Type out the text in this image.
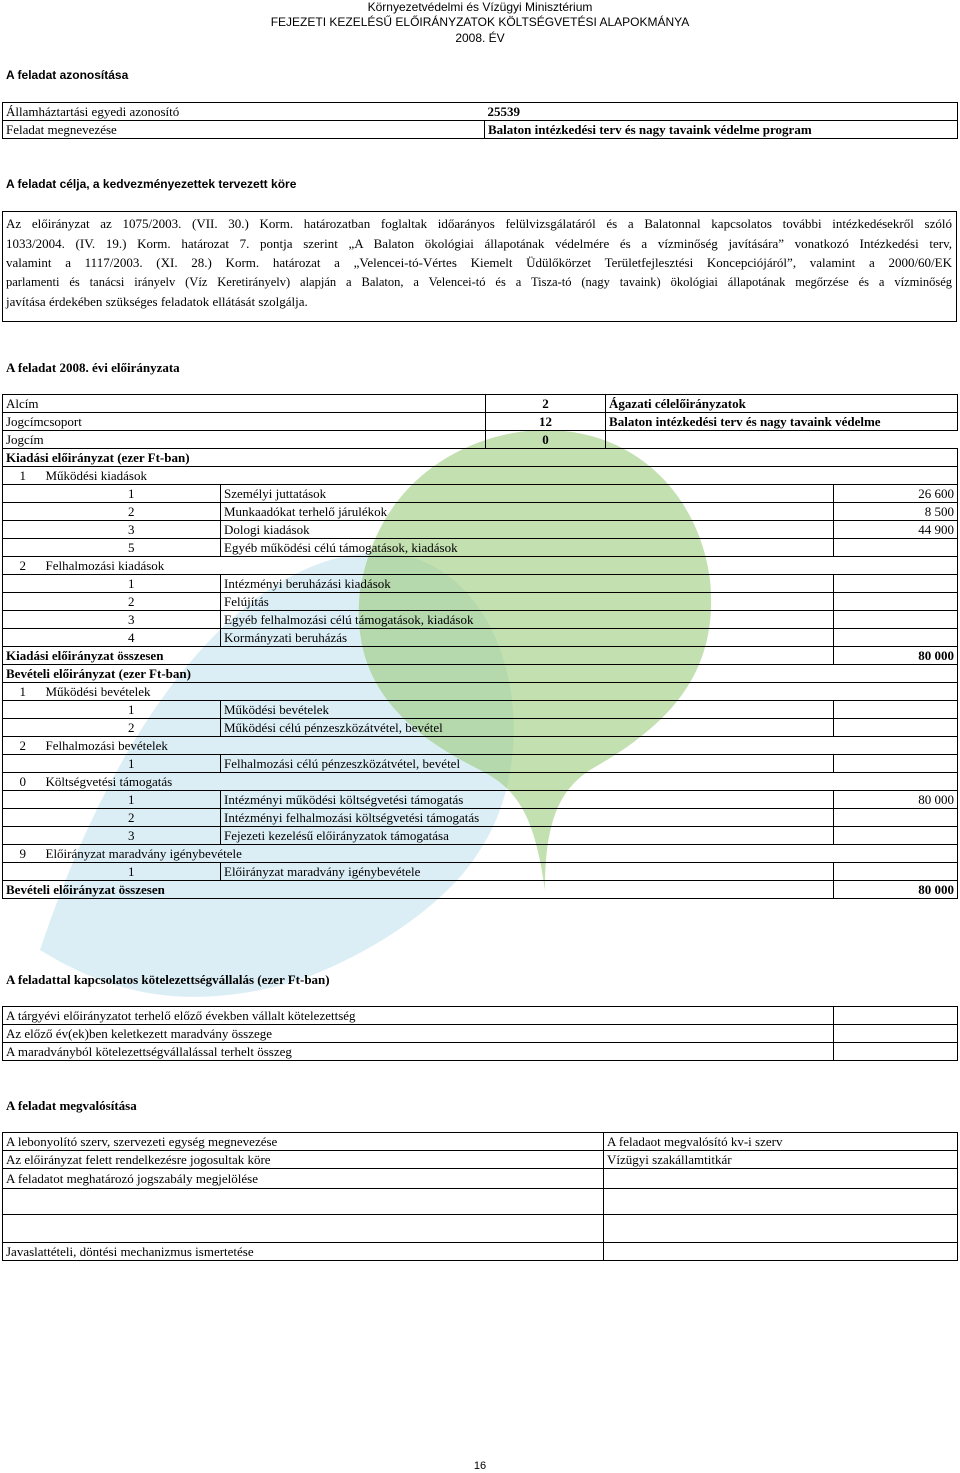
Környezetvédelmi és Vízügyi Minisztérium
FEJEZETI KEZELÉSŰ ELŐIRÁNYZATOK KÖLTSÉGVETÉSI ALAPOKMÁNYA
2008. ÉV
A feladat azonosítása
Államháztartási egyedi azonosító		25539
Feladat megnevezése		Balaton intézkedési terv és nagy tavaink védelme program
A feladat célja, a kedvezményezettek tervezett köre

Az előirányzat az 1075/2003. (VII. 30.) Korm. határozatban foglaltak időarányos felülvizsgálatáról és a Balatonnal kapcsolatos további intézkedésekről szóló

1033/2004. (IV. 19.) Korm. határozat 7. pontja szerint „A Balaton ökológiai állapotának védelmére és a vízminőség javítására” vonatkozó Intézkedési terv,

valamint a 1117/2003. (XI. 28.) Korm. határozat a „Velencei-tó-Vértes Kiemelt Üdülőkörzet Területfejlesztési Koncepciójáról”, valamint a 2000/60/EK

parlamenti és tanácsi irányelv (Víz Keretirányelv) alapján a Balaton, a Velencei-tó és a Tisza-tó (nagy tavaink) ökológiai állapotának megőrzése és a vízminőség

javítása érdekében szükséges feladatok ellátását szolgálja.

A feladat 2008. évi előirányzata
Alcím			2	Ágazati célelőirányzatok	
Jogcímcsoport			12	Balaton intézkedési terv és nagy tavaink védelme	
Jogcím			0		
Kiadási előirányzat (ezer Ft-ban)					
1	Működési kiadások				
	1	Személyi juttatások			26 600
	2	Munkaadókat terhelő járulékok			8 500
	3	Dologi kiadások			44 900
	5	Egyéb működési célú támogatások, kiadások			
2	Felhalmozási kiadások				
	1	Intézményi beruházási kiadások			
	2	Felújítás			
	3	Egyéb felhalmozási célú támogatások, kiadások			
	4	Kormányzati beruházás			
Kiadási előirányzat összesen					80 000
Bevételi előirányzat (ezer Ft-ban)					
1	Működési bevételek				
	1	Működési bevételek			
	2	Működési célú pénzeszközátvétel, bevétel			
2	Felhalmozási bevételek				
	1	Felhalmozási célú pénzeszközátvétel, bevétel			
0	Költségvetési támogatás				
	1	Intézményi működési költségvetési támogatás			80 000
	2	Intézményi felhalmozási költségvetési támogatás			
	3	Fejezeti kezelésű előirányzatok támogatása			
9	Előirányzat maradvány igénybevétele				
	1	Előirányzat maradvány igénybevétele			
Bevételi előirányzat összesen					80 000
A feladattal kapcsolatos kötelezettségvállalás (ezer Ft-ban)
A tárgyévi előirányzatot terhelő előző években vállalt kötelezettség	
Az előző év(ek)ben keletkezett maradvány összege	
A maradványból kötelezettségvállalással terhelt összeg	
A feladat megvalósítása
A lebonyolító szerv, szervezeti egység megnevezése	A feladaot megvalósító kv-i szerv
Az előirányzat felett rendelkezésre jogosultak köre	Vízügyi szakállamtitkár
A feladatot meghatározó jogszabály megjelölése	

Javaslattételi, döntési mechanizmus ismertetése	
16
